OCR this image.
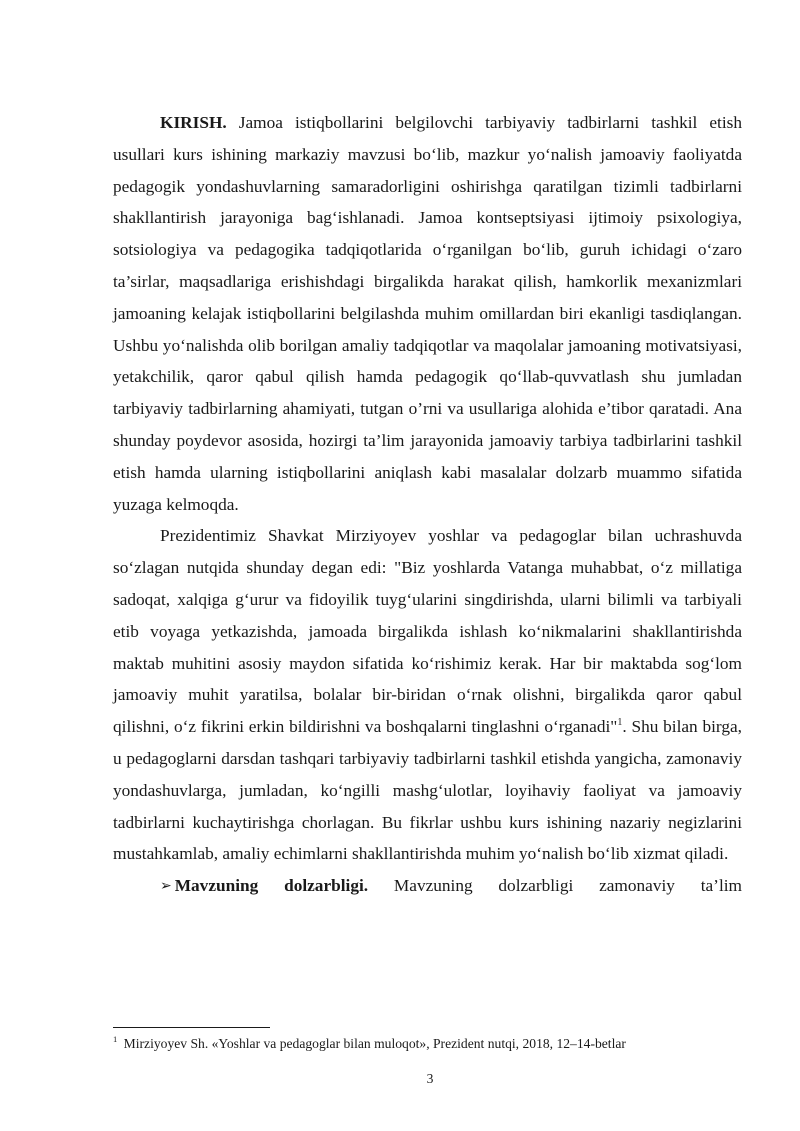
KIRISH. Jamoa istiqbollarini belgilovchi tarbiyaviy tadbirlarni tashkil etish usullari kurs ishining markaziy mavzusi bo‘lib, mazkur yo‘nalish jamoaviy faoliyatda pedagogik yondashuvlarning samaradorligini oshirishga qaratilgan tizimli tadbirlarni shakllantirish jarayoniga bag‘ishlanadi. Jamoa kontseptsiyasi ijtimoiy psixologiya, sotsiologiya va pedagogika tadqiqotlarida o‘rganilgan bo‘lib, guruh ichidagi o‘zaro ta’sirlar, maqsadlariga erishishdagi birgalikda harakat qilish, hamkorlik mexanizmlari jamoaning kelajak istiqbollarini belgilashda muhim omillardan biri ekanligi tasdiqlangan. Ushbu yo‘nalishda olib borilgan amaliy tadqiqotlar va maqolalar jamoaning motivatsiyasi, yetakchilik, qaror qabul qilish hamda pedagogik qo‘llab-quvvatlash shu jumladan tarbiyaviy tadbirlarning ahamiyati, tutgan o’rni va usullariga alohida e’tibor qaratadi. Ana shunday poydevor asosida, hozirgi ta’lim jarayonida jamoaviy tarbiya tadbirlarini tashkil etish hamda ularning istiqbollarini aniqlash kabi masalalar dolzarb muammo sifatida yuzaga kelmoqda.

Prezidentimiz Shavkat Mirziyoyev yoshlar va pedagoglar bilan uchrashuvda so‘zlagan nutqida shunday degan edi: "Biz yoshlarda Vatanga muhabbat, o‘z millatiga sadoqat, xalqiga g‘urur va fidoyilik tuyg‘ularini singdirishda, ularni bilimli va tarbiyali etib voyaga yetkazishda, jamoada birgalikda ishlash ko‘nikmalarini shakllantirishda maktab muhitini asosiy maydon sifatida ko‘rishimiz kerak. Har bir maktabda sog‘lom jamoaviy muhit yaratilsa, bolalar bir-biridan o‘rnak olishni, birgalikda qaror qabul qilishni, o‘z fikrini erkin bildirishni va boshqalarni tinglashni o‘rganadi"$^1$. Shu bilan birga, u pedagoglarni darsdan tashqari tarbiyaviy tadbirlarni tashkil etishda yangicha, zamonaviy yondashuvlarga, jumladan, ko‘ngilli mashg‘ulotlar, loyihaviy faoliyat va jamoaviy tadbirlarni kuchaytirishga chorlagan. Bu fikrlar ushbu kurs ishining nazariy negizlarini mustahkamlab, amaliy echimlarni shakllantirishda muhim yo‘nalish bo‘lib xizmat qiladi.

➢ Mavzuning dolzarbligi. Mavzuning dolzarbligi zamonaviy ta’lim

$^1$ Mirziyoyev Sh. «Yoshlar va pedagoglar bilan muloqot», Prezident nutqi, 2018, 12–14-betlar
3
